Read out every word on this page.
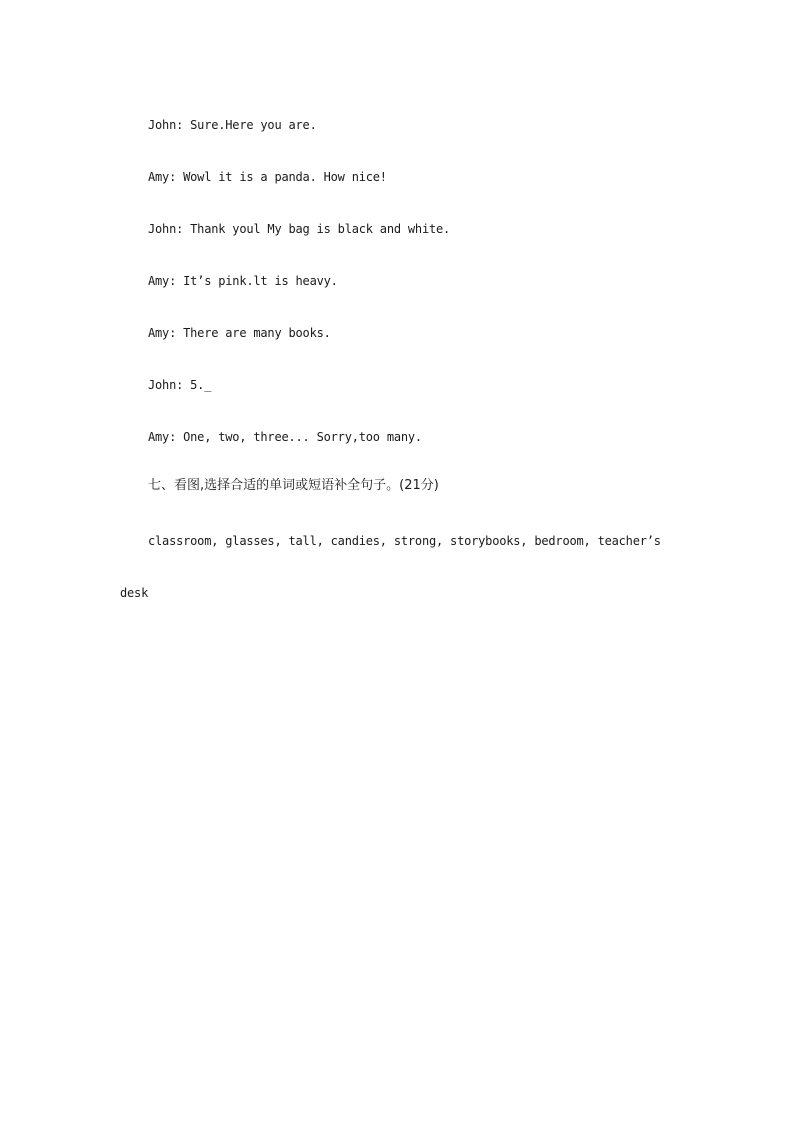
John: Sure.Here you are.
Amy: Wowl it is a panda. How nice!
John: Thank youl My bag is black and white.
Amy: It’s pink.lt is heavy.
Amy: There are many books.
John: 5._
Amy: One, two, three... Sorry,too many.
七、看图,选择合适的单词或短语补全句子。(21分)
classroom, glasses, tall, candies, strong, storybooks, bedroom, teacher’s
desk
